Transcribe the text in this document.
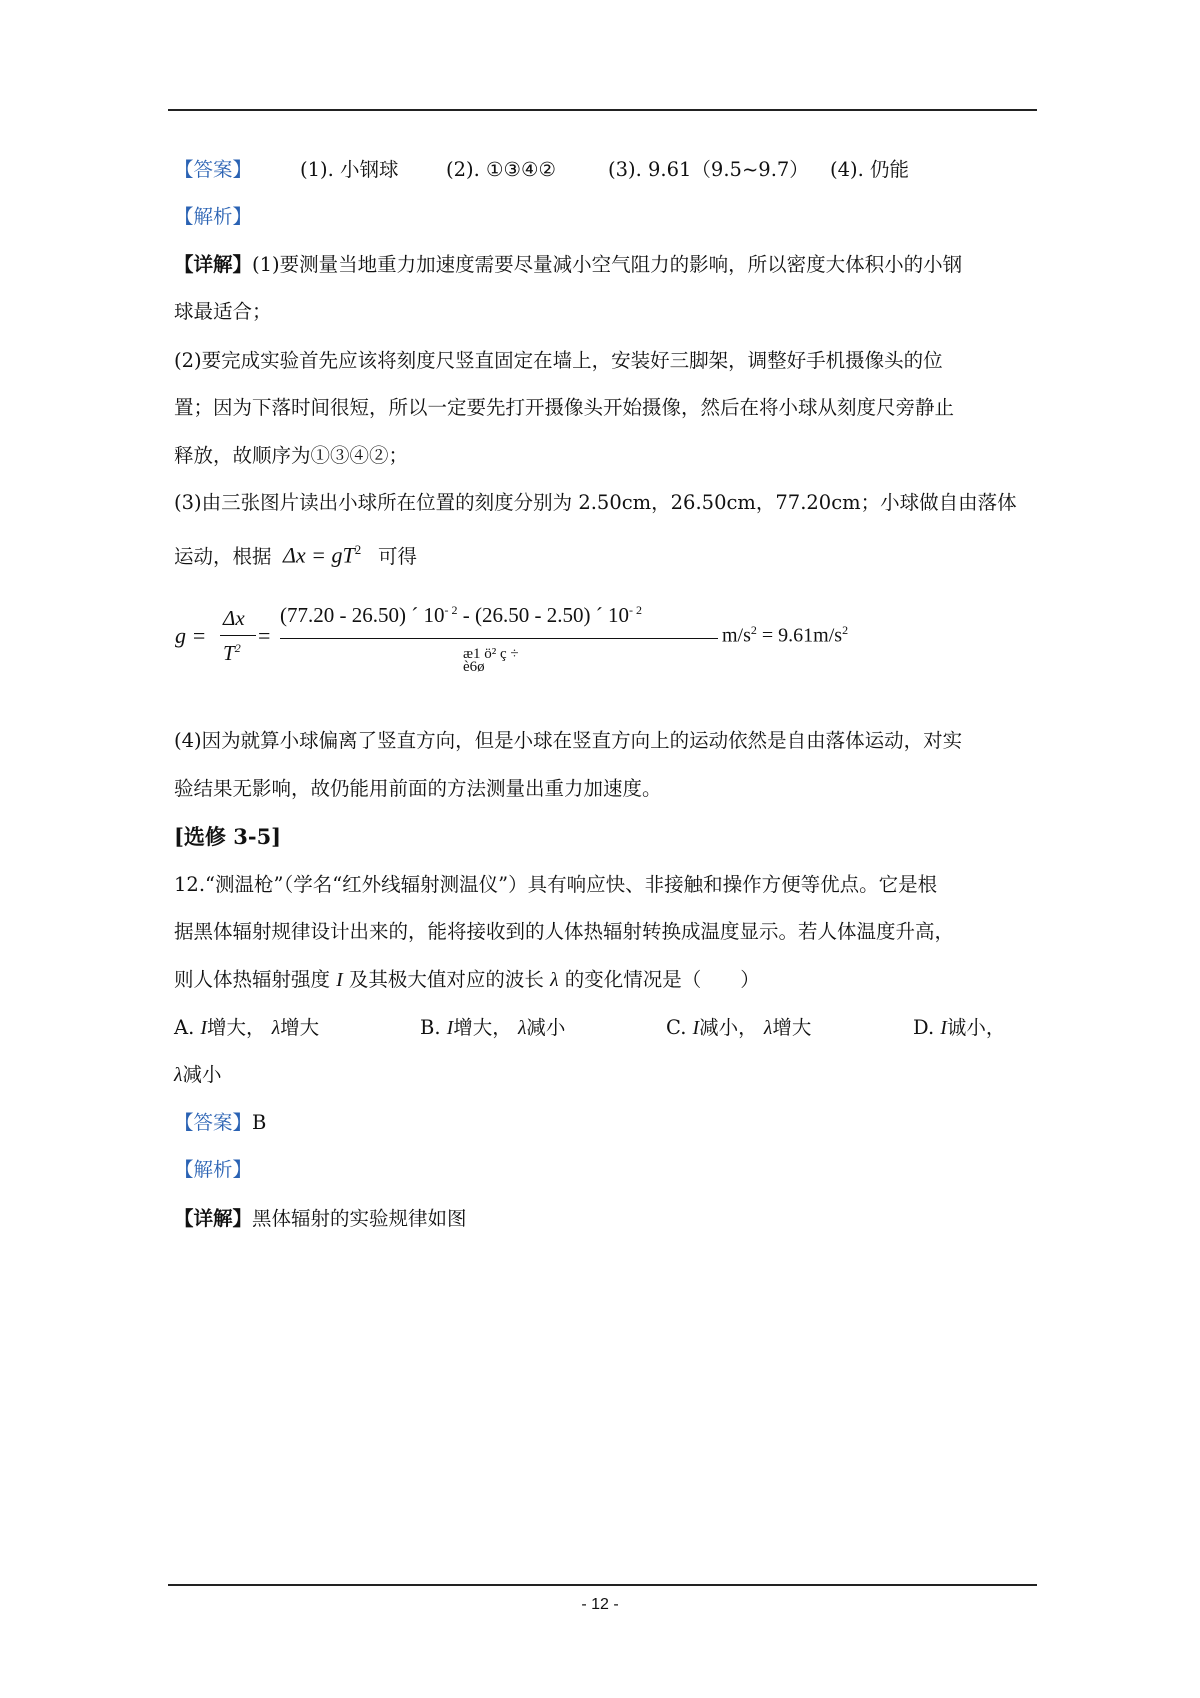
【答案】 (1). 小钢球 (2). ①③④②	(3). 9.61（9.5~9.7） (4). 仍能
【解析】
【详解】(1)要测量当地重力加速度需要尽量减小空气阻力的影响，所以密度大体积小的小钢
球最适合；
(2)要完成实验首先应该将刻度尺竖直固定在墙上，安装好三脚架，调整好手机摄像头的位
置；因为下落时间很短，所以一定要先打开摄像头开始摄像，然后在将小球从刻度尺旁静止
释放，故顺序为①③④②；
(3)由三张图片读出小球所在位置的刻度分别为 2.50cm，26.50cm，77.20cm；小球做自由落体
运动，根据 $\Delta x = gT^2$ 可得
g =
Δx
$T^2$ =
(77.20 - 26.50) ´ $10^{- 2} - (26.50 - 2.50)$ ´ $10^{- 2}$
æ1 ö² ç ÷ è6ø
$m/s^2 = 9.61m/s^2$
(4)因为就算小球偏离了竖直方向，但是小球在竖直方向上的运动依然是自由落体运动，对实
验结果无影响，故仍能用前面的方法测量出重力加速度。
[选修 3-5]
12.“测温枪”（学名“红外线辐射测温仪”）具有响应快、非接触和操作方便等优点。它是根
据黑体辐射规律设计出来的，能将接收到的人体热辐射转换成温度显示。若人体温度升高，
则人体热辐射强度 I 及其极大值对应的波长 λ 的变化情况是（　　）
A. I增大， λ增大	B. I增大， λ减小	C. I减小， λ增大	D. I诚小，
λ减小
【答案】B
【解析】
【详解】黑体辐射的实验规律如图
- 12 -
